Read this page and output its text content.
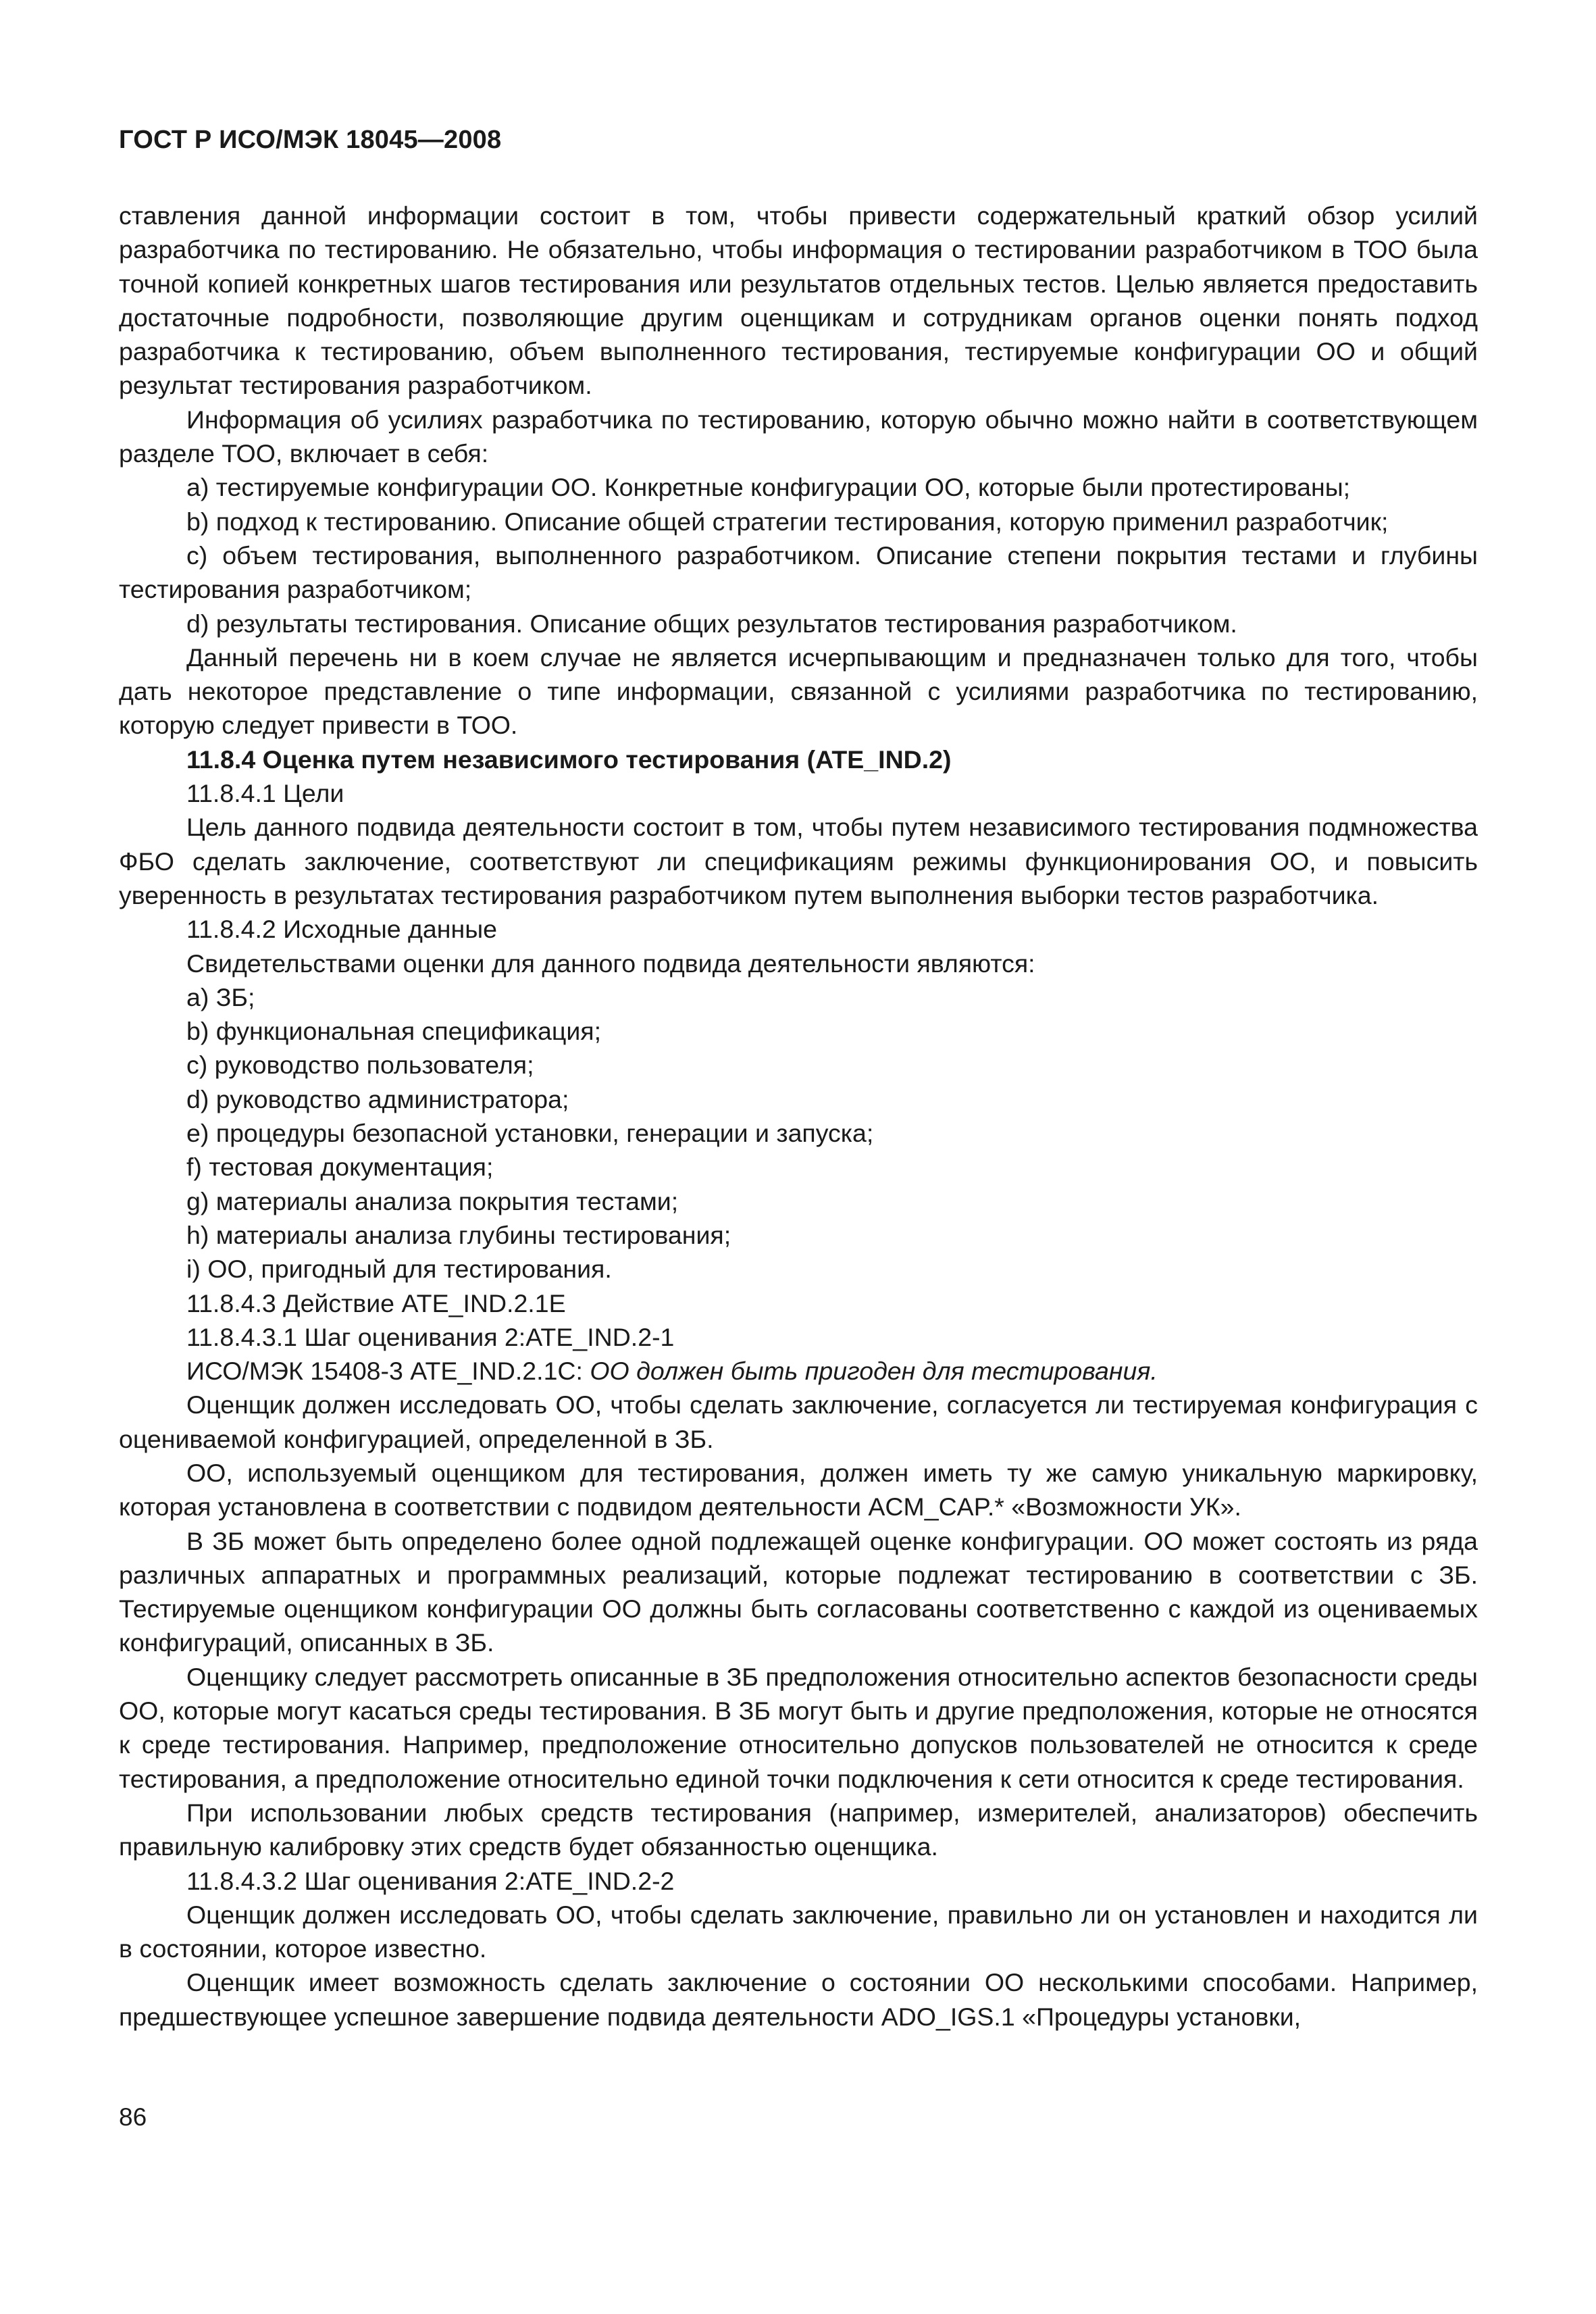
ГОСТ Р ИСО/МЭК 18045—2008

ставления данной информации состоит в том, чтобы привести содержательный краткий обзор усилий разработчика по тестированию. Не обязательно, чтобы информация о тестировании разработчиком в ТОО была точной копией конкретных шагов тестирования или результатов отдельных тестов. Целью является предоставить достаточные подробности, позволяющие другим оценщикам и сотрудникам органов оценки понять подход разработчика к тестированию, объем выполненного тестирования, тестируемые конфигурации ОО и общий результат тестирования разработчиком.

Информация об усилиях разработчика по тестированию, которую обычно можно найти в соответствующем разделе ТОО, включает в себя:

a) тестируемые конфигурации ОО. Конкретные конфигурации ОО, которые были протестированы;

b) подход к тестированию. Описание общей стратегии тестирования, которую применил разработчик;

c) объем тестирования, выполненного разработчиком. Описание степени покрытия тестами и глубины тестирования разработчиком;

d) результаты тестирования. Описание общих результатов тестирования разработчиком.

Данный перечень ни в коем случае не является исчерпывающим и предназначен только для того, чтобы дать некоторое представление о типе информации, связанной с усилиями разработчика по тестированию, которую следует привести в ТОО.

11.8.4 Оценка путем независимого тестирования (ATE_IND.2)

11.8.4.1 Цели

Цель данного подвида деятельности состоит в том, чтобы путем независимого тестирования подмножества ФБО сделать заключение, соответствуют ли спецификациям режимы функционирования ОО, и повысить уверенность в результатах тестирования разработчиком путем выполнения выборки тестов разработчика.

11.8.4.2 Исходные данные

Свидетельствами оценки для данного подвида деятельности являются:

a) ЗБ;

b) функциональная спецификация;

c) руководство пользователя;

d) руководство администратора;

e) процедуры безопасной установки, генерации и запуска;

f) тестовая документация;

g) материалы анализа покрытия тестами;

h) материалы анализа глубины тестирования;

i) ОО, пригодный для тестирования.

11.8.4.3 Действие ATE_IND.2.1E

11.8.4.3.1 Шаг оценивания 2:ATE_IND.2-1

ИСО/МЭК 15408-3 ATE_IND.2.1C: ОО должен быть пригоден для тестирования.

Оценщик должен исследовать ОО, чтобы сделать заключение, согласуется ли тестируемая конфигурация с оцениваемой конфигурацией, определенной в ЗБ.

ОО, используемый оценщиком для тестирования, должен иметь ту же самую уникальную маркировку, которая установлена в соответствии с подвидом деятельности ACM_CAP.* «Возможности УК».

В ЗБ может быть определено более одной подлежащей оценке конфигурации. ОО может состоять из ряда различных аппаратных и программных реализаций, которые подлежат тестированию в соответствии с ЗБ. Тестируемые оценщиком конфигурации ОО должны быть согласованы соответственно с каждой из оцениваемых конфигураций, описанных в ЗБ.

Оценщику следует рассмотреть описанные в ЗБ предположения относительно аспектов безопасности среды ОО, которые могут касаться среды тестирования. В ЗБ могут быть и другие предположения, которые не относятся к среде тестирования. Например, предположение относительно допусков пользователей не относится к среде тестирования, а предположение относительно единой точки подключения к сети относится к среде тестирования.

При использовании любых средств тестирования (например, измерителей, анализаторов) обеспечить правильную калибровку этих средств будет обязанностью оценщика.

11.8.4.3.2 Шаг оценивания 2:ATE_IND.2-2

Оценщик должен исследовать ОО, чтобы сделать заключение, правильно ли он установлен и находится ли в состоянии, которое известно.

Оценщик имеет возможность сделать заключение о состоянии ОО несколькими способами. Например, предшествующее успешное завершение подвида деятельности ADO_IGS.1 «Процедуры установки,

86
